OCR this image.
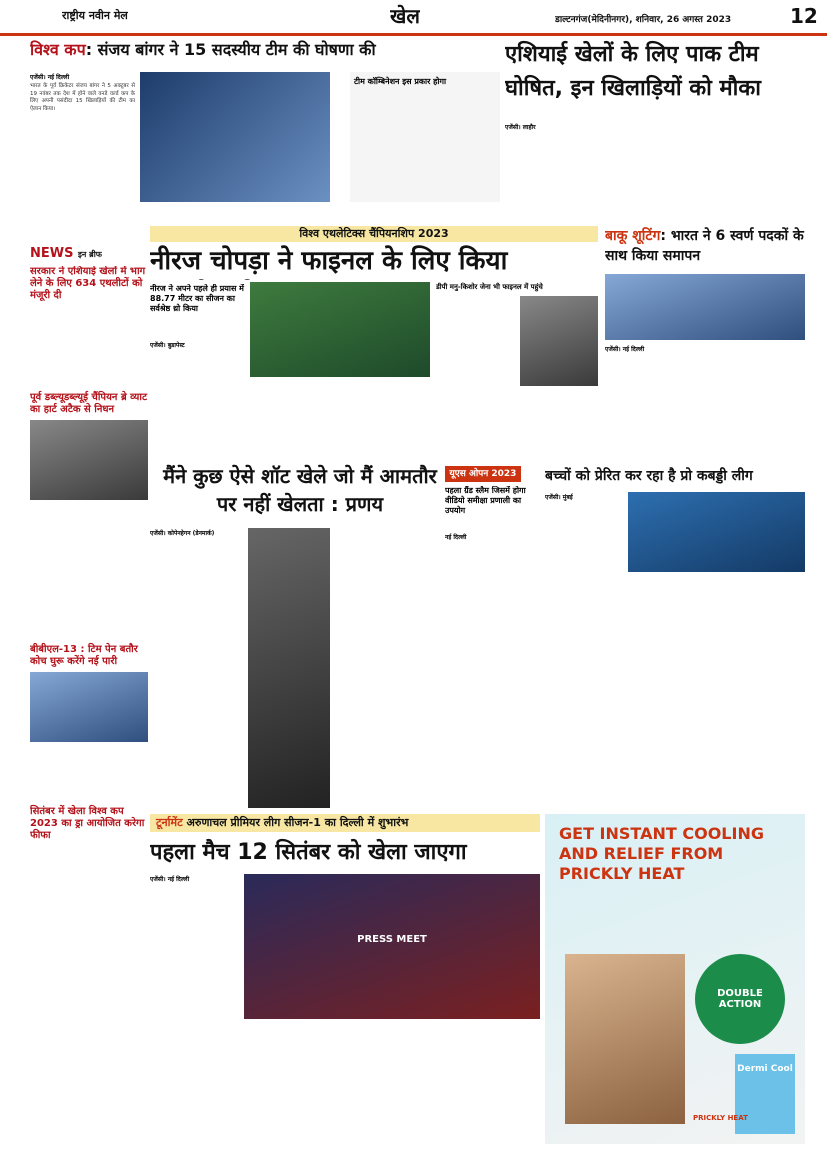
राष्ट्रीय नवीन मेल	खेल	डाल्टनगंज(मेदिनीनगर), शनिवार, 26 अगस्त 2023	12
विश्व कप: संजय बांगर ने 15 सदस्यीय टीम की घोषणा की
एजेंसी। नई दिल्ली
भारत के पूर्व क्रिकेटर संजय बांगर ने 5 अक्टूबर से 19 नवंबर तक देश में होने वाले वनडे वर्ल्ड कप के लिए अपनी पसंदीदा 15 खिलाड़ियों की टीम का ऐलान किया।
टीम कॉम्बिनेशन इस प्रकार होगा
एशियाई खेलों के लिए पाक टीम घोषित, इन खिलाड़ियों को मौका
एजेंसी। लाहौर
NEWS इन ब्रीफ
सरकार ने एशियाई खेलों में भाग लेने के लिए 634 एथलीटों को मंजूरी दी
पूर्व डब्ल्यूडब्ल्यूई चैंपियन ब्रे व्याट का हार्ट अटैक से निधन
बीबीएल-13 : टिम पेन बतौर कोच घुरू करेंगे नई पारी
सितंबर में खेला विश्व कप 2023 का ड्रा आयोजित करेगा फीफा
विश्व एथलेटिक्स चैंपियनशिप 2023
नीरज चोपड़ा ने फाइनल के लिए किया
नीरज ने अपने पहले ही प्रयास में 88.77 मीटर का सीजन का सर्वश्रेष्ठ थ्रो किया
एजेंसी। बुडापेस्ट
डीपी मनु-किशोर जेना भी फाइनल में पहुंचे
बाकू शूटिंग: भारत ने 6 स्वर्ण पदकों के साथ किया समापन
एजेंसी। नई दिल्ली
मैंने कुछ ऐसे शॉट खेले जो मैं आमतौर पर नहीं खेलता : प्रणय
एजेंसी। कोपेनहेगन (डेनमार्क)
यूएस ओपन 2023
पहला ग्रैंड स्लैम जिसमें होगा वीडियो समीक्षा प्रणाली का उपयोग
नई दिल्ली
बच्चों को प्रेरित कर रहा है प्रो कबड्डी लीग
एजेंसी। मुंबई
टूर्नामेंट अरुणाचल प्रीमियर लीग सीजन-1 का दिल्ली में शुभारंभ
पहला मैच 12 सितंबर को खेला जाएगा
एजेंसी। नई दिल्ली
PRESS MEET
GET INSTANT COOLING
AND RELIEF FROM
PRICKLY HEAT
DOUBLE ACTION
Dermi Cool
PRICKLY HEAT
